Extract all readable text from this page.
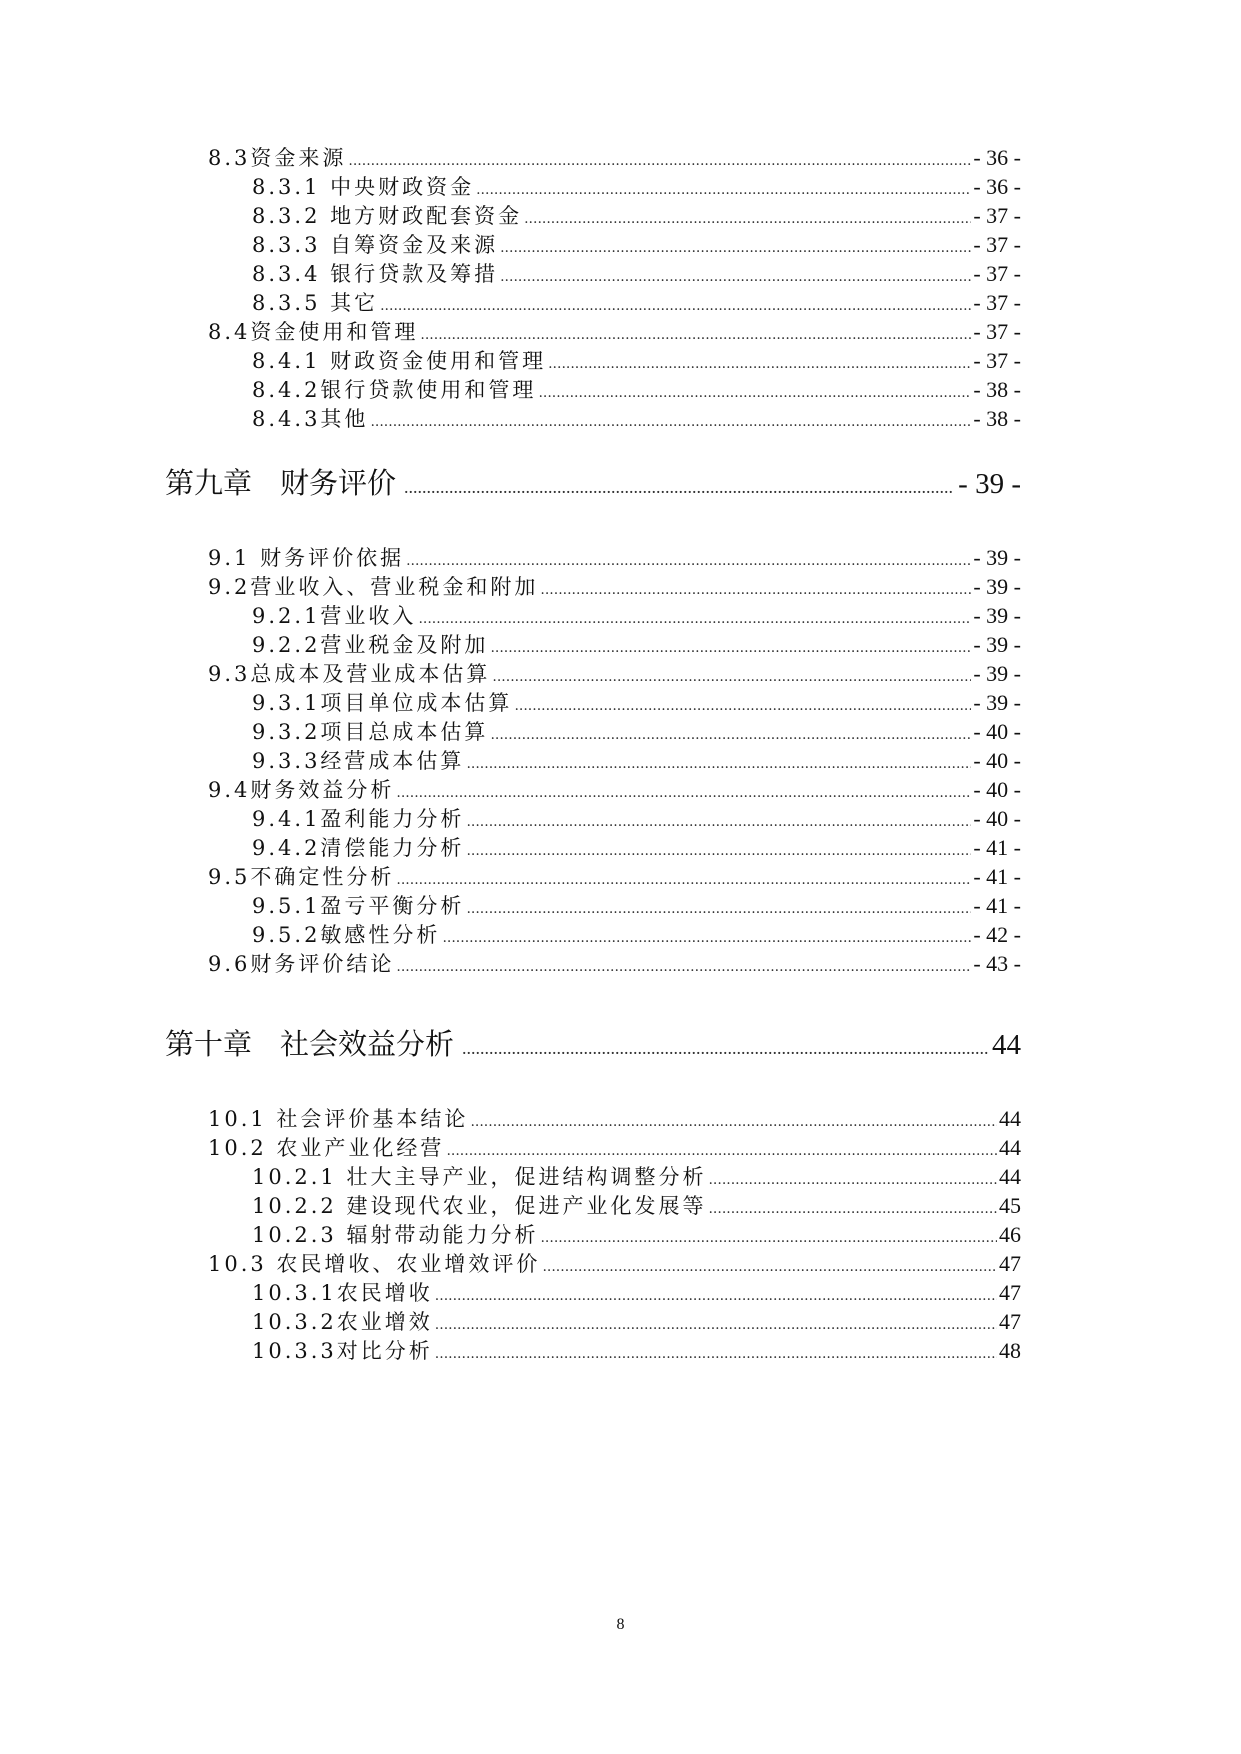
8.3资金来源 .....	- 36 -
8.3.1 中央财政资金 .....	- 36 -
8.3.2 地方财政配套资金 .....	- 37 -
8.3.3 自筹资金及来源 .....	- 37 -
8.3.4 银行贷款及筹措 .....	- 37 -
8.3.5 其它 .....	- 37 -
8.4资金使用和管理 .....	- 37 -
8.4.1 财政资金使用和管理 .....	- 37 -
8.4.2银行贷款使用和管理 .....	- 38 -
8.4.3其他 .....	- 38 -
第九章 财务评价 .....	- 39 -
9.1 财务评价依据 .....	- 39 -
9.2营业收入、营业税金和附加 .....	- 39 -
9.2.1营业收入 .....	- 39 -
9.2.2营业税金及附加 .....	- 39 -
9.3总成本及营业成本估算 .....	- 39 -
9.3.1项目单位成本估算 .....	- 39 -
9.3.2项目总成本估算 .....	- 40 -
9.3.3经营成本估算 .....	- 40 -
9.4财务效益分析 .....	- 40 -
9.4.1盈利能力分析 .....	- 40 -
9.4.2清偿能力分析 .....	- 41 -
9.5不确定性分析 .....	- 41 -
9.5.1盈亏平衡分析 .....	- 41 -
9.5.2敏感性分析 .....	- 42 -
9.6财务评价结论 .....	- 43 -
第十章 社会效益分析 .....	44
10.1 社会评价基本结论 .....	44
10.2 农业产业化经营 .....	44
10.2.1 壮大主导产业，促进结构调整分析 .....	44
10.2.2 建设现代农业，促进产业化发展等 .....	45
10.2.3 辐射带动能力分析 .....	46
10.3 农民增收、农业增效评价 .....	47
10.3.1农民增收 .....	47
10.3.2农业增效 .....	47
10.3.3对比分析 .....	48
8
